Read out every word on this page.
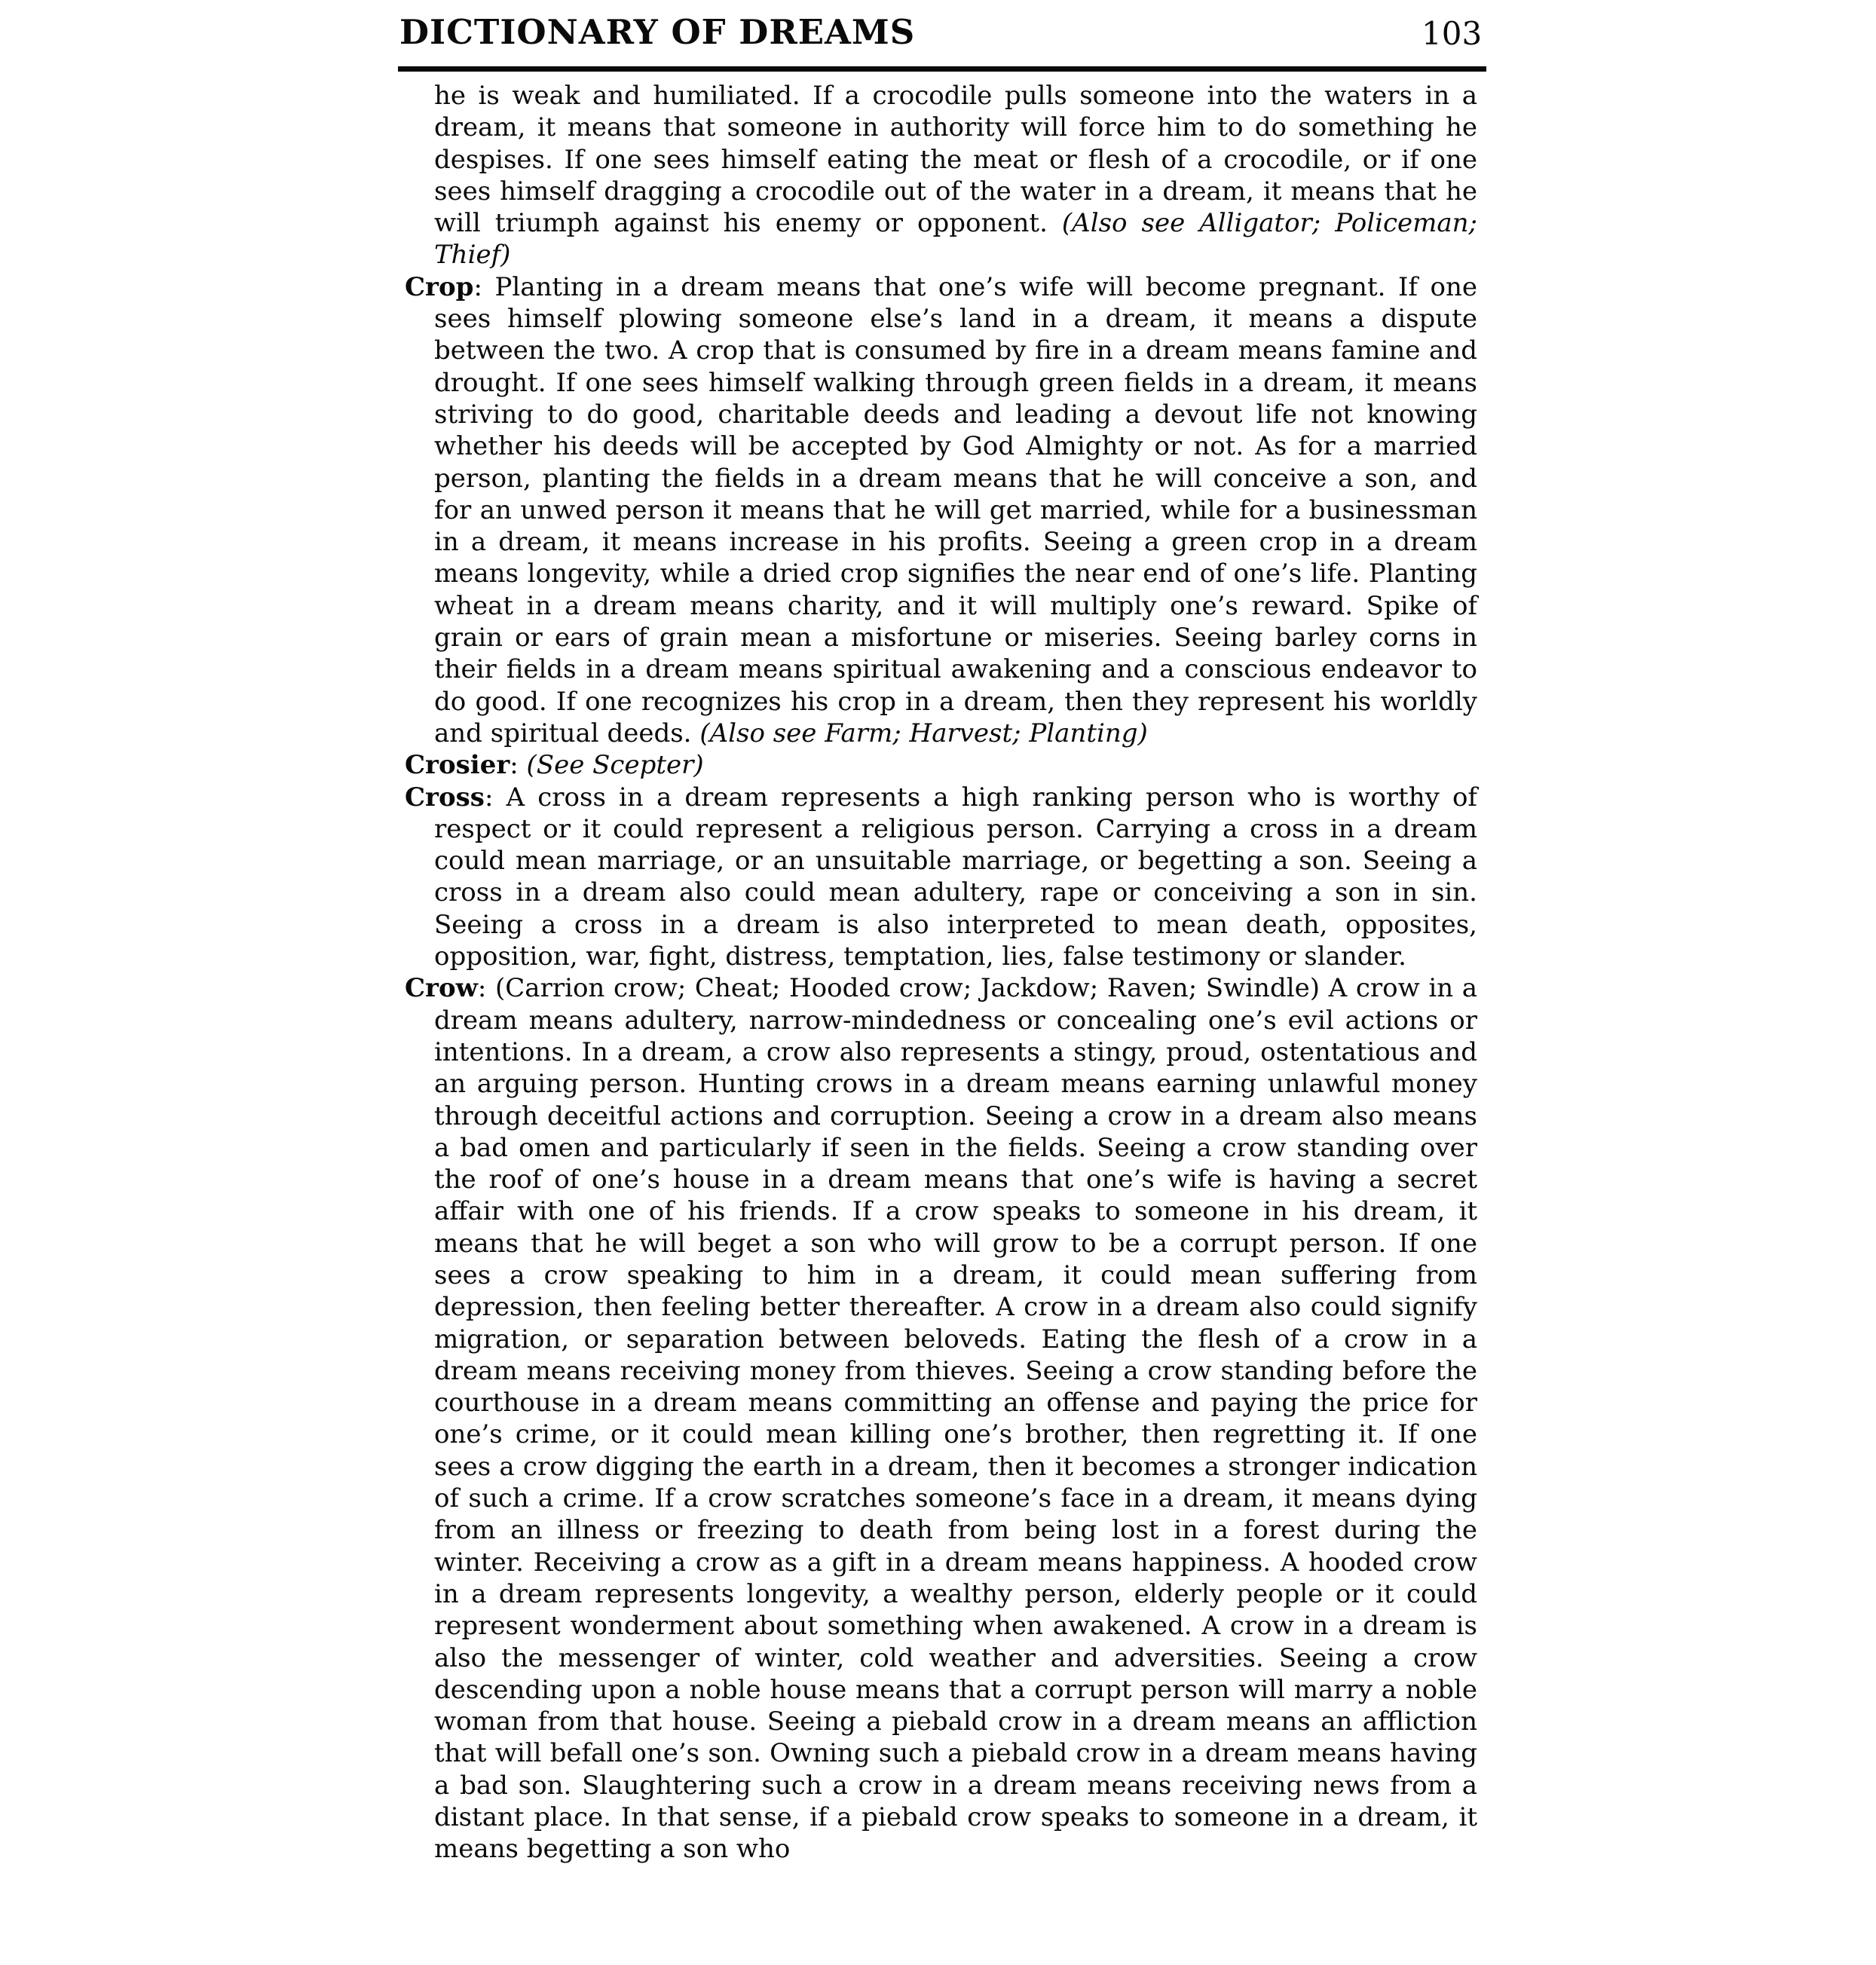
DICTIONARY OF DREAMS	103

he is weak and humiliated. If a crocodile pulls someone into the waters in a dream, it means that someone in authority will force him to do something he despises. If one sees himself eating the meat or flesh of a crocodile, or if one sees himself dragging a crocodile out of the water in a dream, it means that he will triumph against his enemy or opponent. (Also see Alligator; Policeman; Thief)

Crop: Planting in a dream means that one’s wife will become pregnant. If one sees himself plowing someone else’s land in a dream, it means a dispute between the two. A crop that is consumed by fire in a dream means famine and drought. If one sees himself walking through green fields in a dream, it means striving to do good, charitable deeds and leading a devout life not knowing whether his deeds will be accepted by God Almighty or not. As for a married person, planting the fields in a dream means that he will conceive a son, and for an unwed person it means that he will get married, while for a businessman in a dream, it means increase in his profits. Seeing a green crop in a dream means longevity, while a dried crop signifies the near end of one’s life. Planting wheat in a dream means charity, and it will multiply one’s reward. Spike of grain or ears of grain mean a misfortune or miseries. Seeing barley corns in their fields in a dream means spiritual awakening and a conscious endeavor to do good. If one recognizes his crop in a dream, then they represent his worldly and spiritual deeds. (Also see Farm; Harvest; Planting)

Crosier: (See Scepter)

Cross: A cross in a dream represents a high ranking person who is worthy of respect or it could represent a religious person. Carrying a cross in a dream could mean marriage, or an unsuitable marriage, or begetting a son. Seeing a cross in a dream also could mean adultery, rape or conceiving a son in sin. Seeing a cross in a dream is also interpreted to mean death, opposites, opposition, war, fight, distress, temptation, lies, false testimony or slander.

Crow: (Carrion crow; Cheat; Hooded crow; Jackdow; Raven; Swindle) A crow in a dream means adultery, narrow-mindedness or concealing one’s evil actions or intentions. In a dream, a crow also represents a stingy, proud, ostentatious and an arguing person. Hunting crows in a dream means earning unlawful money through deceitful actions and corruption. Seeing a crow in a dream also means a bad omen and particularly if seen in the fields. Seeing a crow standing over the roof of one’s house in a dream means that one’s wife is having a secret affair with one of his friends. If a crow speaks to someone in his dream, it means that he will beget a son who will grow to be a corrupt person. If one sees a crow speaking to him in a dream, it could mean suffering from depression, then feeling better thereafter. A crow in a dream also could signify migration, or separation between beloveds. Eating the flesh of a crow in a dream means receiving money from thieves. Seeing a crow standing before the courthouse in a dream means committing an offense and paying the price for one’s crime, or it could mean killing one’s brother, then regretting it. If one sees a crow digging the earth in a dream, then it becomes a stronger indication of such a crime. If a crow scratches someone’s face in a dream, it means dying from an illness or freezing to death from being lost in a forest during the winter. Receiving a crow as a gift in a dream means happiness. A hooded crow in a dream represents longevity, a wealthy person, elderly people or it could represent wonderment about something when awakened. A crow in a dream is also the messenger of winter, cold weather and adversities. Seeing a crow descending upon a noble house means that a corrupt person will marry a noble woman from that house. Seeing a piebald crow in a dream means an affliction that will befall one’s son. Owning such a piebald crow in a dream means having a bad son. Slaughtering such a crow in a dream means receiving news from a distant place. In that sense, if a piebald crow speaks to someone in a dream, it means begetting a son who
